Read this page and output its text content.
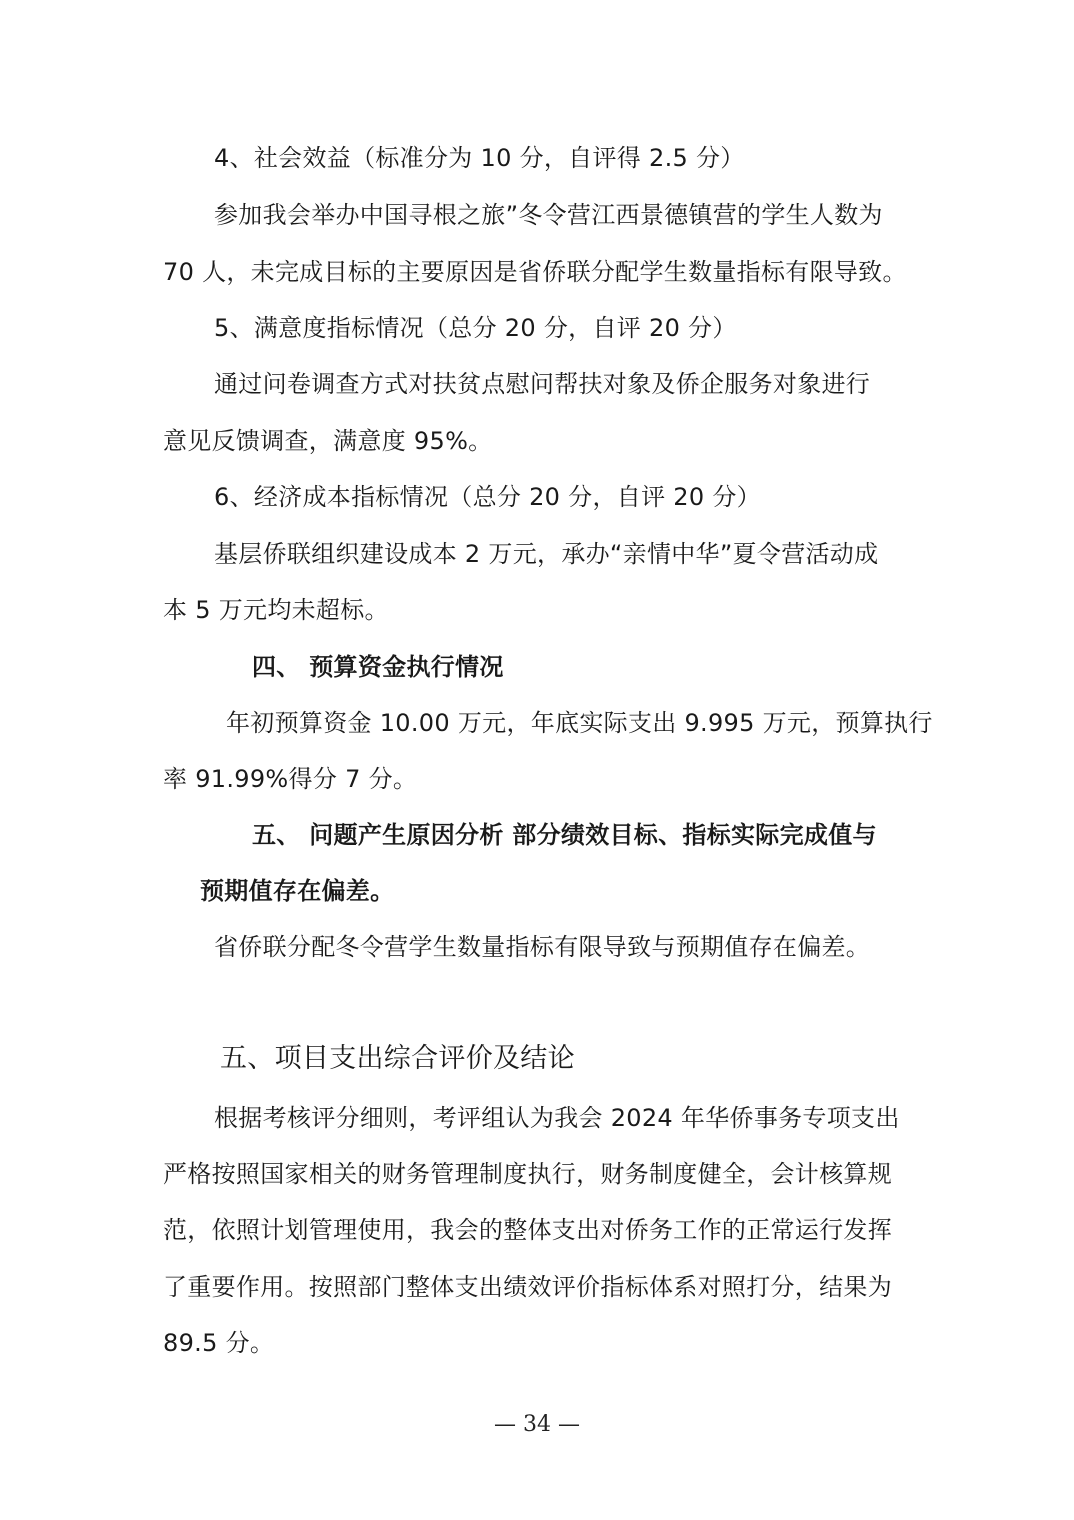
4、社会效益（标准分为 10 分，自评得 2.5 分）

参加我会举办中国寻根之旅”冬令营江西景德镇营的学生人数为

70 人，未完成目标的主要原因是省侨联分配学生数量指标有限导致。

5、满意度指标情况（总分 20 分，自评 20 分）

通过问卷调查方式对扶贫点慰问帮扶对象及侨企服务对象进行

意见反馈调查，满意度 95%。

6、经济成本指标情况（总分 20 分，自评 20 分）

基层侨联组织建设成本 2 万元，承办“亲情中华”夏令营活动成

本 5 万元均未超标。

四、 预算资金执行情况

年初预算资金 10.00 万元，年底实际支出 9.995 万元，预算执行

率 91.99%得分 7 分。

五、 问题产生原因分析 部分绩效目标、指标实际完成值与

预期值存在偏差。

省侨联分配冬令营学生数量指标有限导致与预期值存在偏差。

五、项目支出综合评价及结论

根据考核评分细则，考评组认为我会 2024 年华侨事务专项支出

严格按照国家相关的财务管理制度执行，财务制度健全，会计核算规

范，依照计划管理使用，我会的整体支出对侨务工作的正常运行发挥

了重要作用。按照部门整体支出绩效评价指标体系对照打分，结果为

89.5 分。

— 34 —
